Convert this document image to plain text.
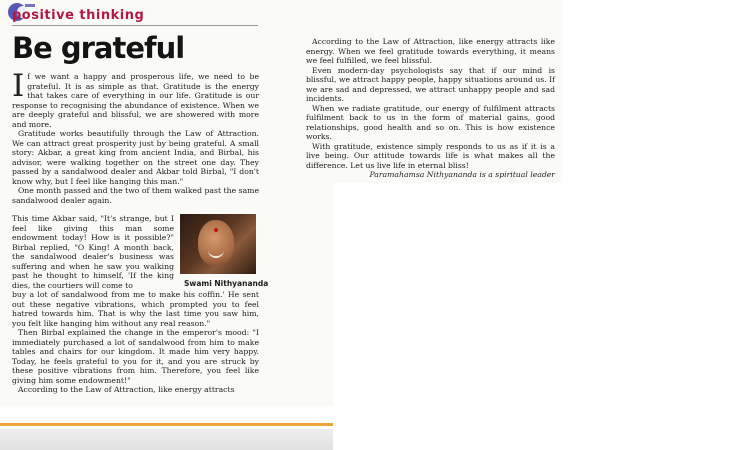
positive thinking
Be grateful
I f we want a happy and prosperous life, we need to be grateful. It is as simple as that. Gratitude is the energy that takes care of everything in our life. Gratitude is our response to recognising the abundance of existence. When we are deeply grateful and blissful, we are showered with more and more.

Gratitude works beautifully through the Law of Attraction. We can attract great prosperity just by being grateful. A small story: Akbar, a great king from ancient India, and Birbal, his advisor, were walking together on the street one day. They passed by a sandalwood dealer and Akbar told Birbal, "I don't know why, but I feel like hanging this man."

One month passed and the two of them walked past the same sandalwood dealer again.

This time Akbar said, "It's strange, but I feel like giving this man some endowment today! How is it possible?" Birbal replied, "O King! A month back, the sandalwood dealer's business was suffering and when he saw you walking past he thought to himself, 'If the king dies, the courtiers will come to	Swami Nithyananda

buy a lot of sandalwood from me to make his coffin.' He sent out these negative vibrations, which prompted you to feel hatred towards him. That is why the last time you saw him, you felt like hanging him without any real reason."

Then Birbal explained the change in the emperor's mood: "I immediately purchased a lot of sandalwood from him to make tables and chairs for our kingdom. It made him very happy. Today, he feels grateful to you for it, and you are struck by these positive vibrations from him. Therefore, you feel like giving him some endowment!"

According to the Law of Attraction, like energy attracts

According to the Law of Attraction, like energy attracts like energy. When we feel gratitude towards everything, it means we feel fulfilled, we feel blissful.

Even modern-day psychologists say that if our mind is blissful, we attract happy people, happy situations around us. If we are sad and depressed, we attract unhappy people and sad incidents.

When we radiate gratitude, our energy of fulfilment attracts fulfilment back to us in the form of material gains, good relationships, good health and so on. This is how existence works.

With gratitude, existence simply responds to us as if it is a live being. Our attitude towards life is what makes all the difference. Let us live life in eternal bliss!

Paramahamsa Nithyananda is a spiritual leader
